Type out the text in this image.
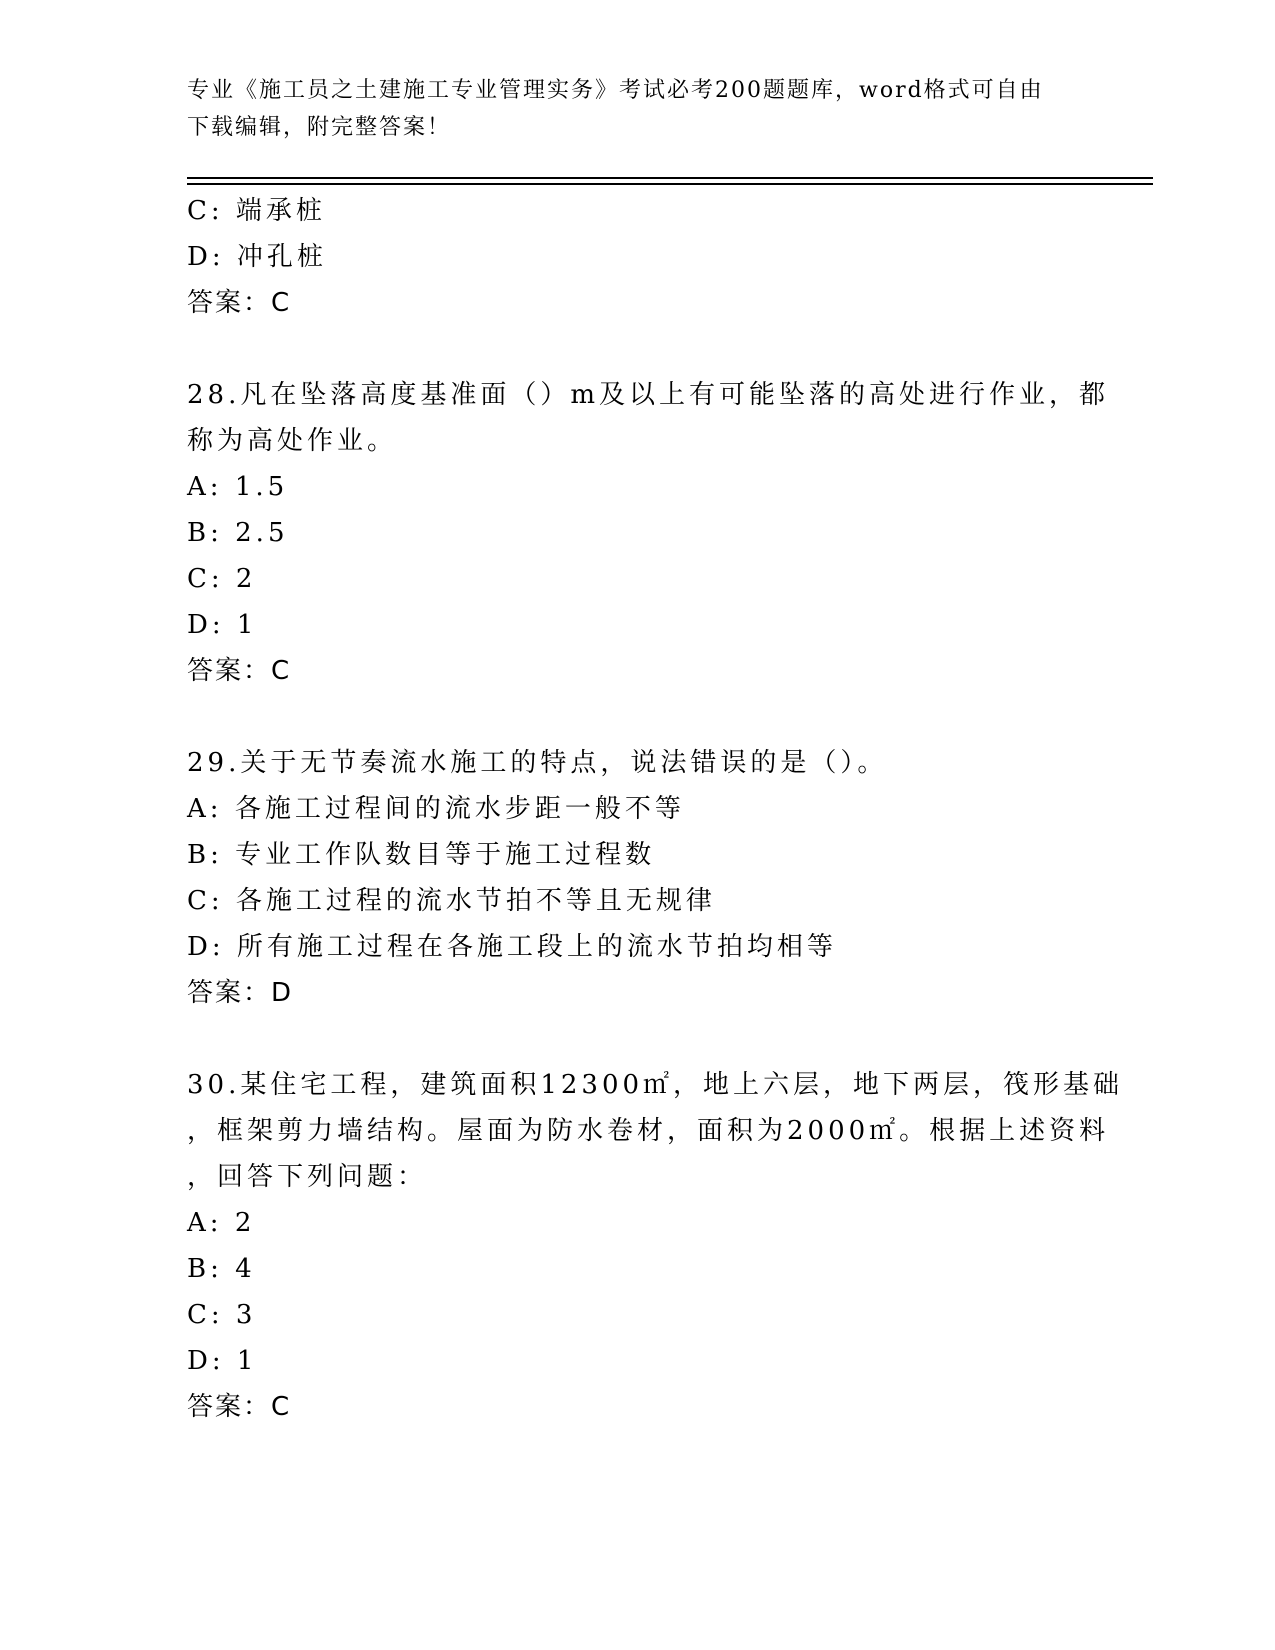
专业《施工员之土建施工专业管理实务》考试必考200题题库，word格式可自由
下载编辑，附完整答案！
C: 端承桩
D: 冲孔桩
答案：C
28.凡在坠落高度基准面（）m及以上有可能坠落的高处进行作业，都
称为高处作业。
A: 1.5
B: 2.5
C: 2
D: 1
答案：C
29.关于无节奏流水施工的特点，说法错误的是（）。
A: 各施工过程间的流水步距一般不等
B: 专业工作队数目等于施工过程数
C: 各施工过程的流水节拍不等且无规律
D: 所有施工过程在各施工段上的流水节拍均相等
答案：D
30.某住宅工程，建筑面积12300㎡，地上六层，地下两层，筏形基础
，框架剪力墙结构。屋面为防水卷材，面积为2000㎡。根据上述资料
，回答下列问题：
A: 2
B: 4
C: 3
D: 1
答案：C
